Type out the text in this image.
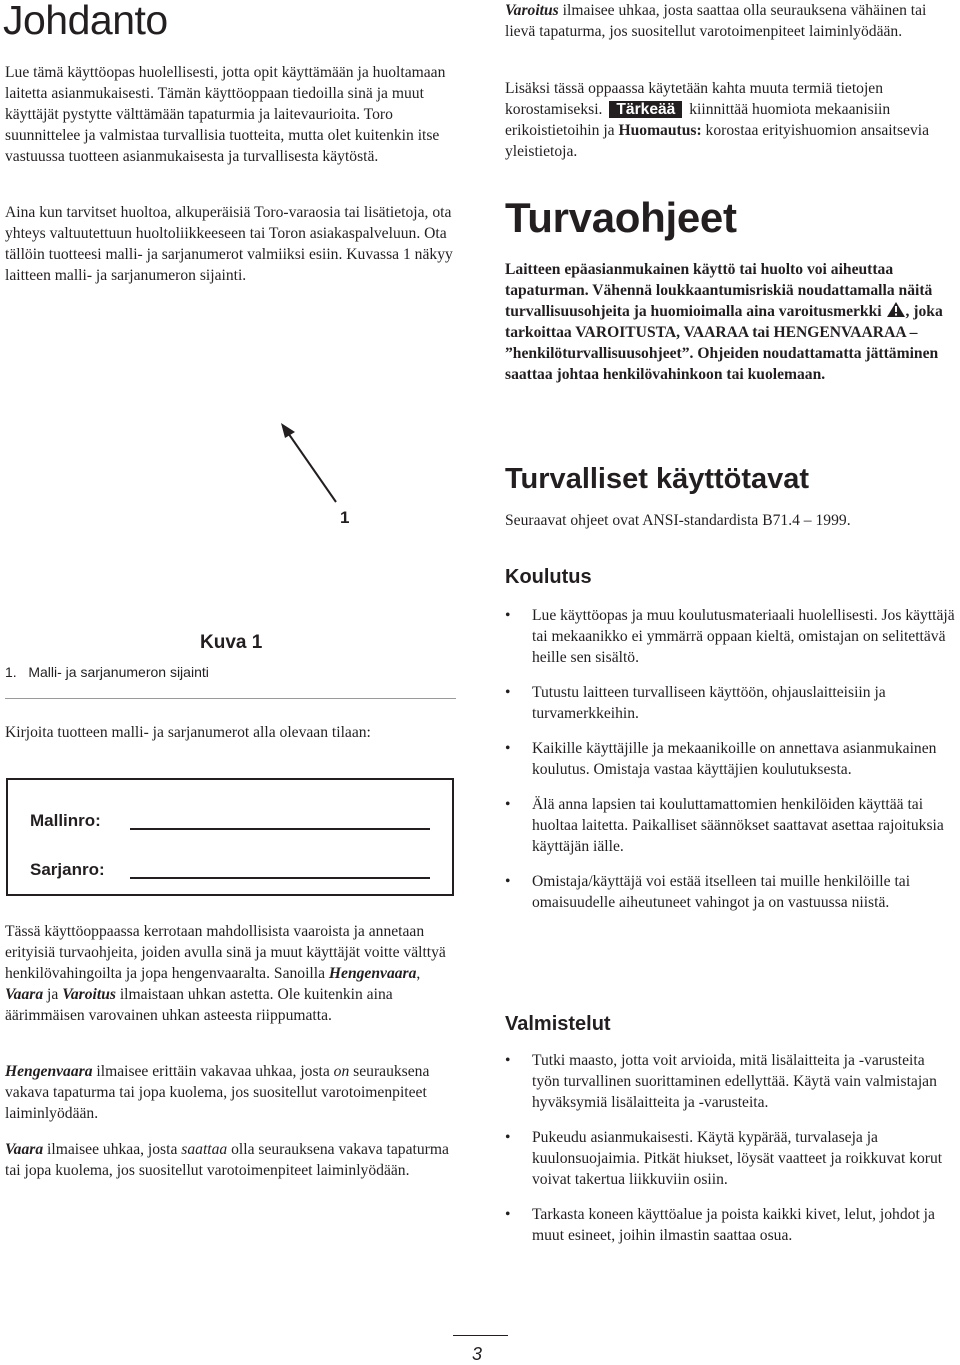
Johdanto

Lue tämä käyttöopas huolellisesti, jotta opit käyttämään ja huoltamaan laitetta asianmukaisesti. Tämän käyttöoppaan tiedoilla sinä ja muut käyttäjät pystytte välttämään tapaturmia ja laitevaurioita. Toro suunnittelee ja valmistaa turvallisia tuotteita, mutta olet kuitenkin itse vastuussa tuotteen asianmukaisesta ja turvallisesta käytöstä.

Aina kun tarvitset huoltoa, alkuperäisiä Toro-varaosia tai lisätietoja, ota yhteys valtuutettuun huoltoliikkeeseen tai Toron asiakaspalveluun. Ota tällöin tuotteesi malli- ja sarjanumerot valmiiksi esiin. Kuvassa 1 näkyy laitteen malli- ja sarjanumeron sijainti.

1
Kuva 1
1.   Malli- ja sarjanumeron sijainti

Kirjoita tuotteen malli- ja sarjanumerot alla olevaan tilaan:

Mallinro:
Sarjanro:

Tässä käyttöoppaassa kerrotaan mahdollisista vaaroista ja annetaan erityisiä turvaohjeita, joiden avulla sinä ja muut käyttäjät voitte välttyä henkilövahingoilta ja jopa hengenvaaralta. Sanoilla Hengenvaara, Vaara ja Varoitus ilmaistaan uhkan astetta. Ole kuitenkin aina äärimmäisen varovainen uhkan asteesta riippumatta.

Hengenvaara ilmaisee erittäin vakavaa uhkaa, josta on seurauksena vakava tapaturma tai jopa kuolema, jos suositellut varotoimenpiteet laiminlyödään.

Vaara ilmaisee uhkaa, josta saattaa olla seurauksena vakava tapaturma tai jopa kuolema, jos suositellut varotoimenpiteet laiminlyödään.

Varoitus ilmaisee uhkaa, josta saattaa olla seurauksena vähäinen tai lievä tapaturma, jos suositellut varotoimenpiteet laiminlyödään.

Lisäksi tässä oppaassa käytetään kahta muuta termiä tietojen korostamiseksi. Tärkeää kiinnittää huomiota mekaanisiin erikoistietoihin ja Huomautus: korostaa erityishuomion ansaitsevia yleistietoja.

Turvaohjeet

Laitteen epäasianmukainen käyttö tai huolto voi aiheuttaa tapaturman. Vähennä loukkaantumisriskiä noudattamalla näitä turvallisuusohjeita ja huomioimalla aina varoitusmerkki , joka tarkoittaa VAROITUSTA, VAARAA tai HENGENVAARAA – ”henkilöturvallisuusohjeet”. Ohjeiden noudattamatta jättäminen saattaa johtaa henkilövahinkoon tai kuolemaan.

Turvalliset käyttötavat

Seuraavat ohjeet ovat ANSI-standardista B71.4 – 1999.

Koulutus
• Lue käyttöopas ja muu koulutusmateriaali huolellisesti. Jos käyttäjä tai mekaanikko ei ymmärrä oppaan kieltä, omistajan on selitettävä heille sen sisältö.
• Tutustu laitteen turvalliseen käyttöön, ohjauslaitteisiin ja turvamerkkeihin.
• Kaikille käyttäjille ja mekaanikoille on annettava asianmukainen koulutus. Omistaja vastaa käyttäjien koulutuksesta.
• Älä anna lapsien tai kouluttamattomien henkilöiden käyttää tai huoltaa laitetta. Paikalliset säännökset saattavat asettaa rajoituksia käyttäjän iälle.
• Omistaja/käyttäjä voi estää itselleen tai muille henkilöille tai omaisuudelle aiheutuneet vahingot ja on vastuussa niistä.
Valmistelut
• Tutki maasto, jotta voit arvioida, mitä lisälaitteita ja -varusteita työn turvallinen suorittaminen edellyttää. Käytä vain valmistajan hyväksymiä lisälaitteita ja -varusteita.
• Pukeudu asianmukaisesti. Käytä kypärää, turvalaseja ja kuulonsuojaimia. Pitkät hiukset, löysät vaatteet ja roikkuvat korut voivat takertua liikkuviin osiin.
• Tarkasta koneen käyttöalue ja poista kaikki kivet, lelut, johdot ja muut esineet, joihin ilmastin saattaa osua.
3
